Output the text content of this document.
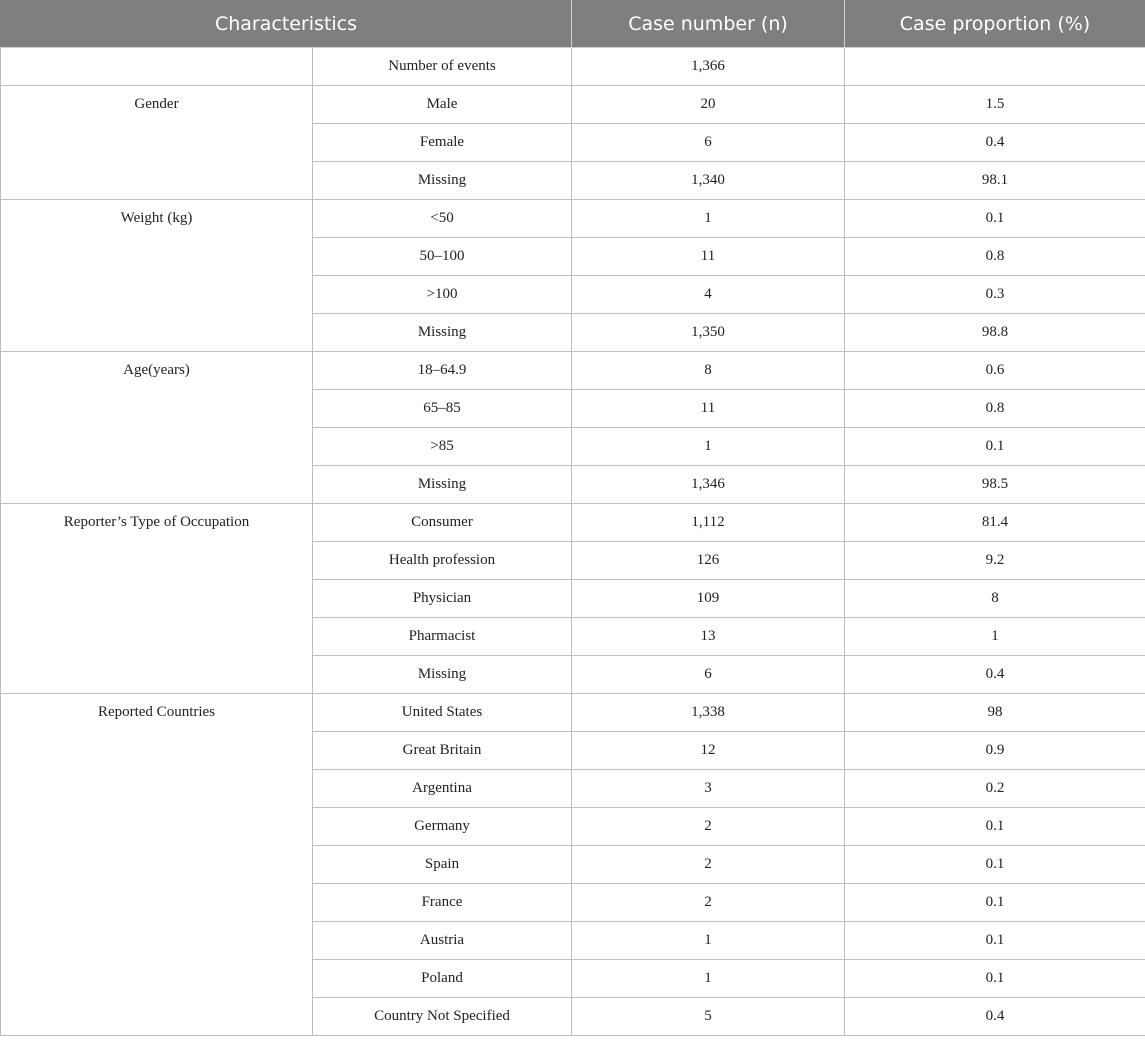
Characteristics		Case number (n)	Case proportion (%)
	Number of events	1,366	
Gender	Male	20	1.5
	Female	6	0.4
	Missing	1,340	98.1
Weight (kg)	<50	1	0.1
	50–100	11	0.8
	>100	4	0.3
	Missing	1,350	98.8
Age(years)	18–64.9	8	0.6
	65–85	11	0.8
	>85	1	0.1
	Missing	1,346	98.5
Reporter’s Type of Occupation	Consumer	1,112	81.4
	Health profession	126	9.2
	Physician	109	8
	Pharmacist	13	1
	Missing	6	0.4
Reported Countries	United States	1,338	98
	Great Britain	12	0.9
	Argentina	3	0.2
	Germany	2	0.1
	Spain	2	0.1
	France	2	0.1
	Austria	1	0.1
	Poland	1	0.1
	Country Not Specified	5	0.4
